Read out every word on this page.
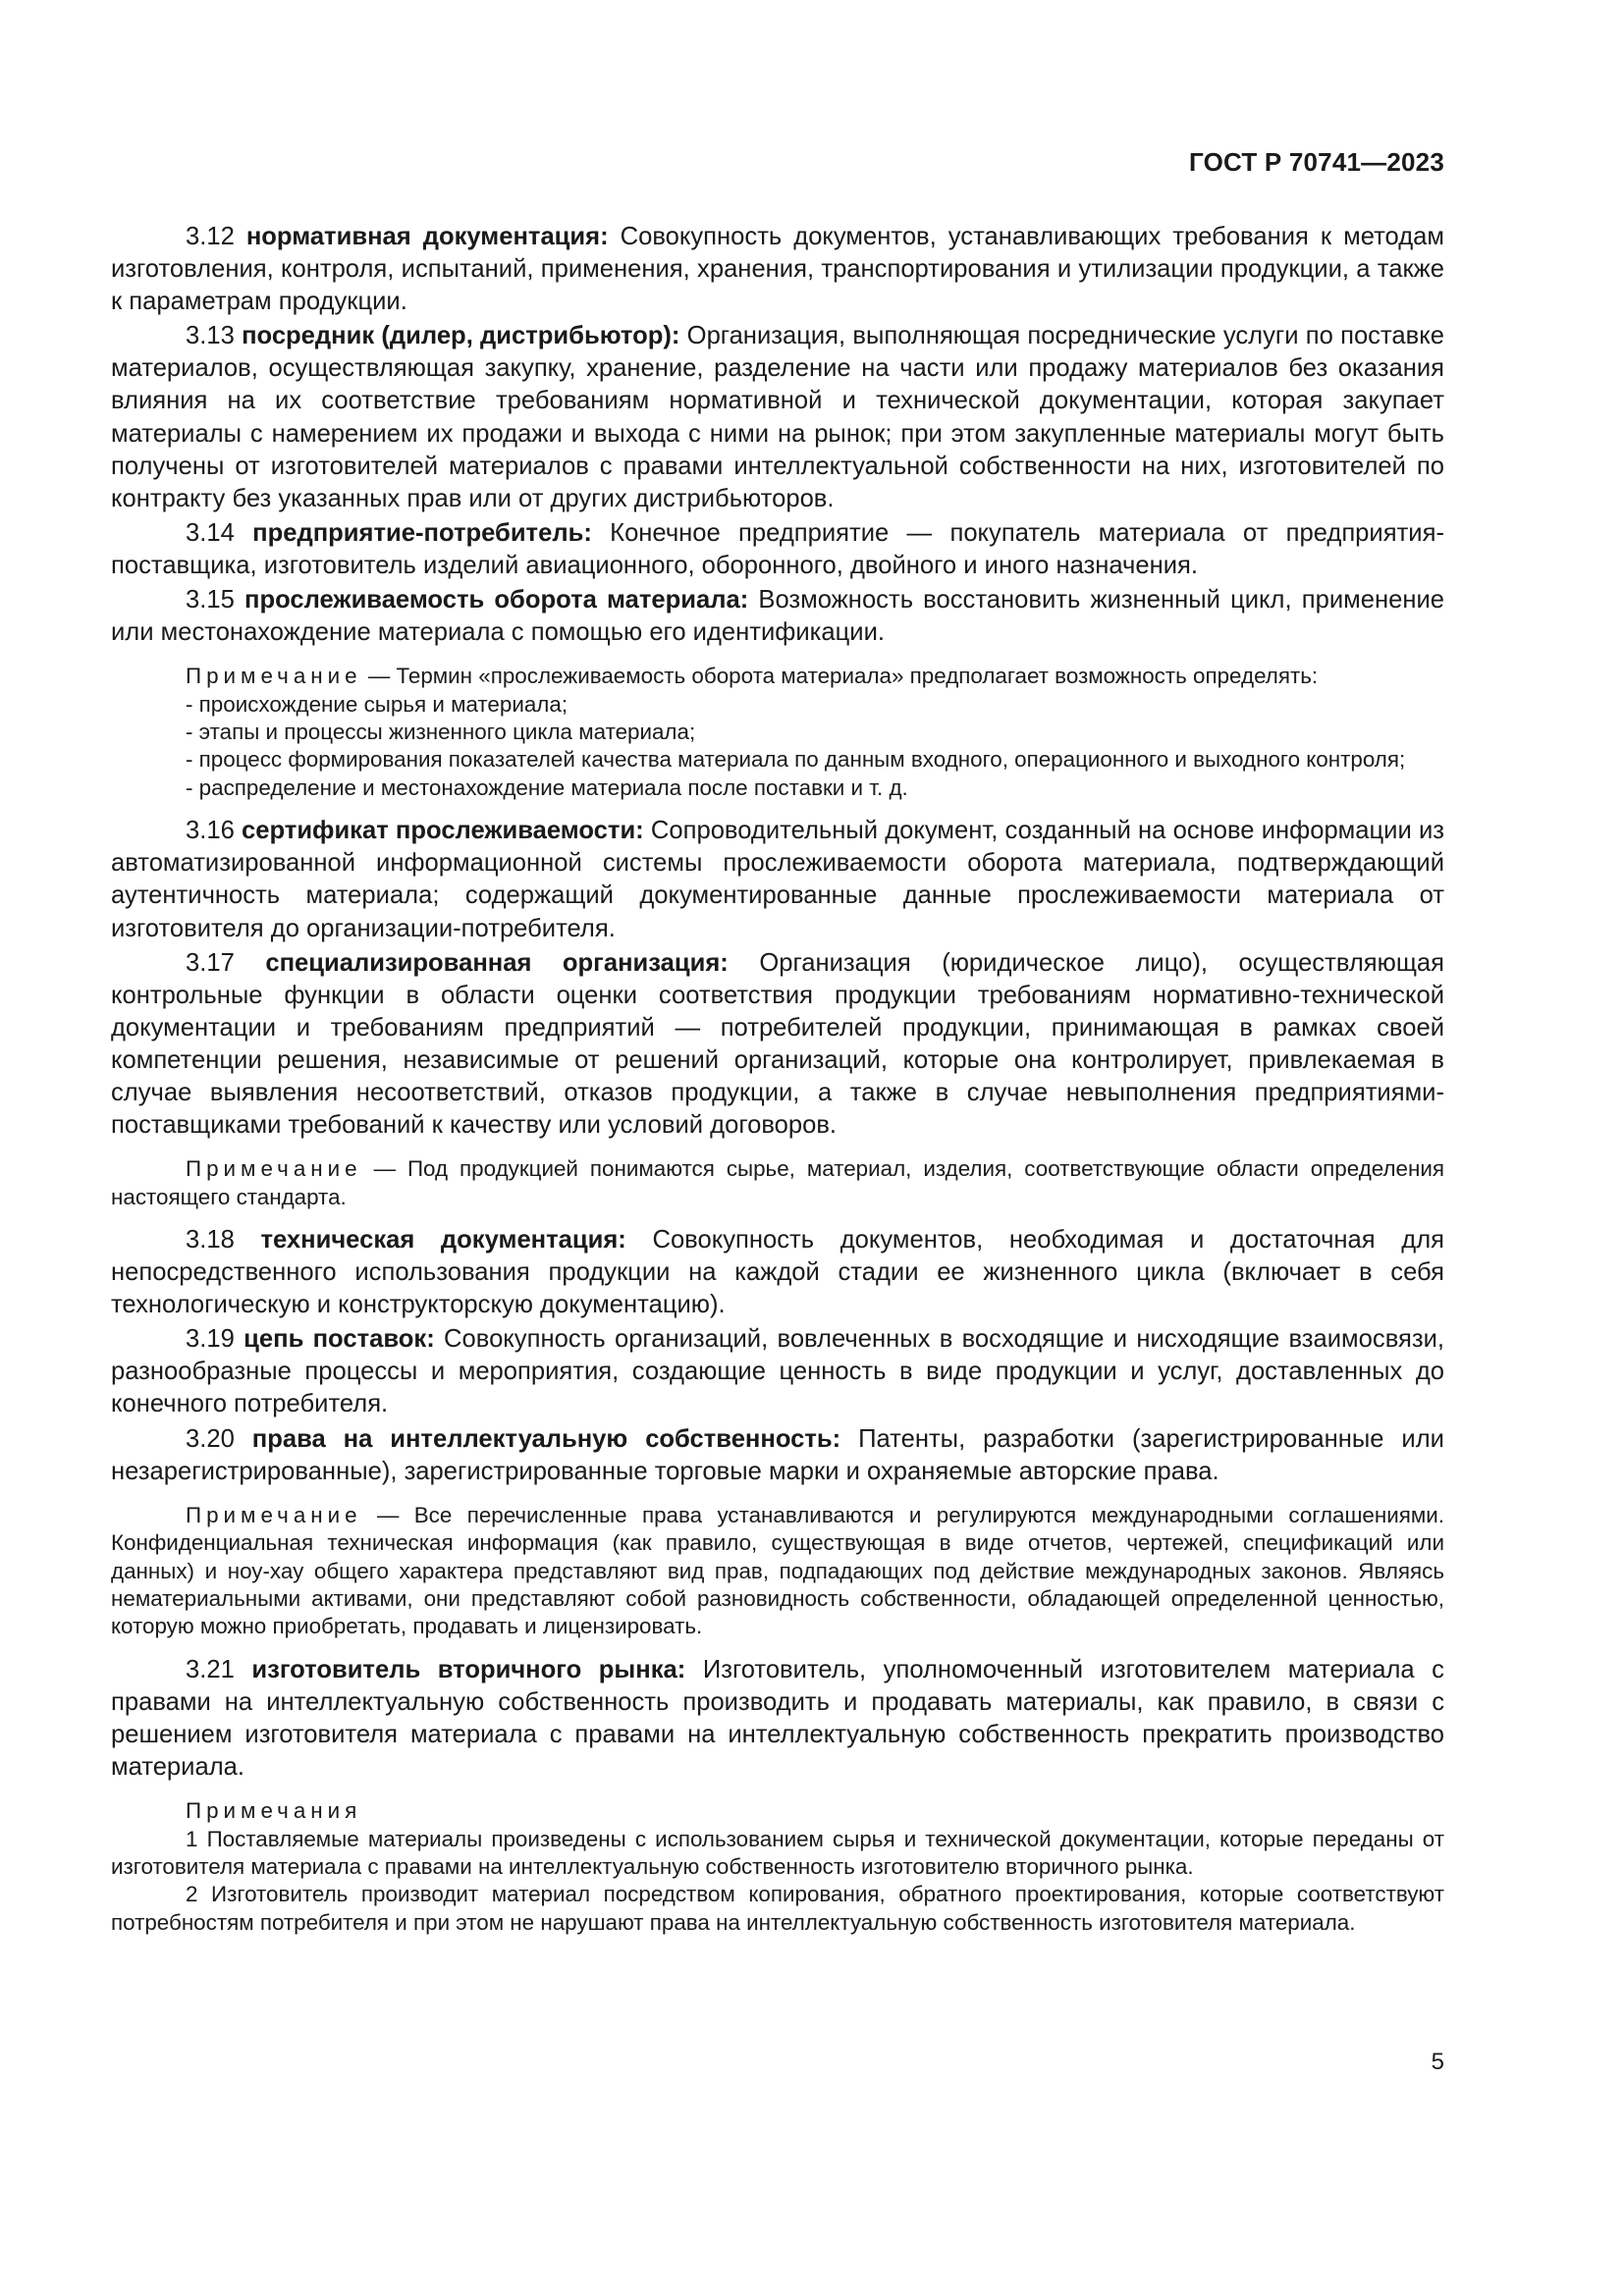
ГОСТ Р 70741—2023

3.12 нормативная документация: Совокупность документов, устанавливающих требования к методам изготовления, контроля, испытаний, применения, хранения, транспортирования и утилизации продукции, а также к параметрам продукции.

3.13 посредник (дилер, дистрибьютор): Организация, выполняющая посреднические услуги по поставке материалов, осуществляющая закупку, хранение, разделение на части или продажу материалов без оказания влияния на их соответствие требованиям нормативной и технической документации, которая закупает материалы с намерением их продажи и выхода с ними на рынок; при этом закупленные материалы могут быть получены от изготовителей материалов с правами интеллектуальной собственности на них, изготовителей по контракту без указанных прав или от других дистрибьюторов.

3.14 предприятие-потребитель: Конечное предприятие — покупатель материала от предприятия-поставщика, изготовитель изделий авиационного, оборонного, двойного и иного назначения.

3.15 прослеживаемость оборота материала: Возможность восстановить жизненный цикл, применение или местонахождение материала с помощью его идентификации.

Примечание — Термин «прослеживаемость оборота материала» предполагает возможность определять:

- происхождение сырья и материала;

- этапы и процессы жизненного цикла материала;

- процесс формирования показателей качества материала по данным входного, операционного и выходного контроля;

- распределение и местонахождение материала после поставки и т. д.

3.16 сертификат прослеживаемости: Сопроводительный документ, созданный на основе информации из автоматизированной информационной системы прослеживаемости оборота материала, подтверждающий аутентичность материала; содержащий документированные данные прослеживаемости материала от изготовителя до организации-потребителя.

3.17 специализированная организация: Организация (юридическое лицо), осуществляющая контрольные функции в области оценки соответствия продукции требованиям нормативно-технической документации и требованиям предприятий — потребителей продукции, принимающая в рамках своей компетенции решения, независимые от решений организаций, которые она контролирует, привлекаемая в случае выявления несоответствий, отказов продукции, а также в случае невыполнения предприятиями-поставщиками требований к качеству или условий договоров.

Примечание — Под продукцией понимаются сырье, материал, изделия, соответствующие области определения настоящего стандарта.

3.18 техническая документация: Совокупность документов, необходимая и достаточная для непосредственного использования продукции на каждой стадии ее жизненного цикла (включает в себя технологическую и конструкторскую документацию).

3.19 цепь поставок: Совокупность организаций, вовлеченных в восходящие и нисходящие взаимосвязи, разнообразные процессы и мероприятия, создающие ценность в виде продукции и услуг, доставленных до конечного потребителя.

3.20 права на интеллектуальную собственность: Патенты, разработки (зарегистрированные или незарегистрированные), зарегистрированные торговые марки и охраняемые авторские права.

Примечание — Все перечисленные права устанавливаются и регулируются международными соглашениями. Конфиденциальная техническая информация (как правило, существующая в виде отчетов, чертежей, спецификаций или данных) и ноу-хау общего характера представляют вид прав, подпадающих под действие международных законов. Являясь нематериальными активами, они представляют собой разновидность собственности, обладающей определенной ценностью, которую можно приобретать, продавать и лицензировать.

3.21 изготовитель вторичного рынка: Изготовитель, уполномоченный изготовителем материала с правами на интеллектуальную собственность производить и продавать материалы, как правило, в связи с решением изготовителя материала с правами на интеллектуальную собственность прекратить производство материала.

Примечания

1 Поставляемые материалы произведены с использованием сырья и технической документации, которые переданы от изготовителя материала с правами на интеллектуальную собственность изготовителю вторичного рынка.

2 Изготовитель производит материал посредством копирования, обратного проектирования, которые соответствуют потребностям потребителя и при этом не нарушают права на интеллектуальную собственность изготовителя материала.

5
